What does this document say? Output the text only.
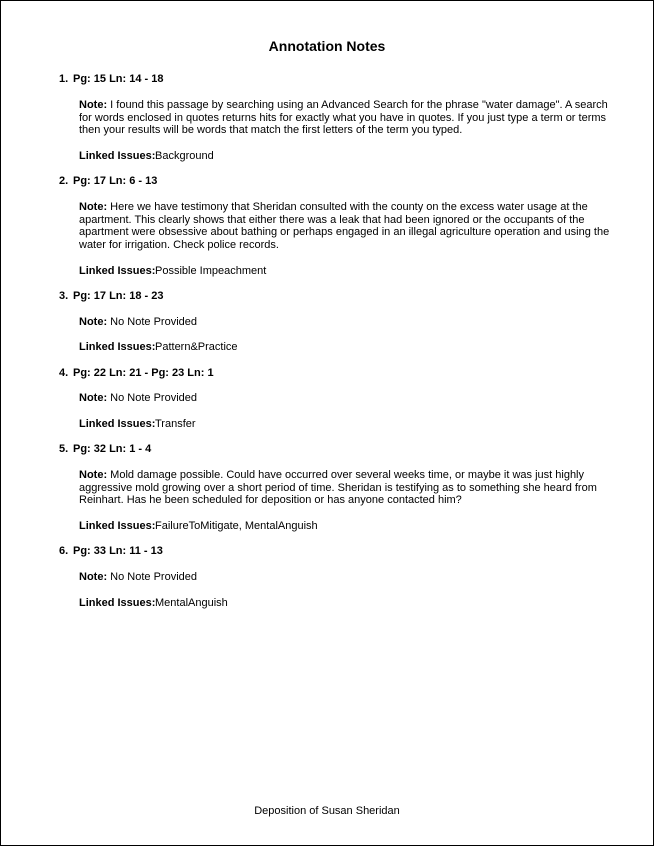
Annotation Notes
1. Pg: 15 Ln: 14 - 18
Note: I found this passage by searching using an Advanced Search for the phrase "water damage". A search for words enclosed in quotes returns hits for exactly what you have in quotes. If you just type a term or terms then your results will be words that match the first letters of the term you typed.
Linked Issues:Background
2. Pg: 17 Ln: 6 - 13
Note: Here we have testimony that Sheridan consulted with the county on the excess water usage at the apartment. This clearly shows that either there was a leak that had been ignored or the occupants of the apartment were obsessive about bathing or perhaps engaged in an illegal agriculture operation and using the water for irrigation. Check police records.
Linked Issues:Possible Impeachment
3. Pg: 17 Ln: 18 - 23
Note: No Note Provided
Linked Issues:Pattern&Practice
4. Pg: 22 Ln: 21 - Pg: 23 Ln: 1
Note: No Note Provided
Linked Issues:Transfer
5. Pg: 32 Ln: 1 - 4
Note: Mold damage possible. Could have occurred over several weeks time, or maybe it was just highly aggressive mold growing over a short period of time. Sheridan is testifying as to something she heard from Reinhart. Has he been scheduled for deposition or has anyone contacted him?
Linked Issues:FailureToMitigate, MentalAnguish
6. Pg: 33 Ln: 11 - 13
Note: No Note Provided
Linked Issues:MentalAnguish
Deposition of Susan Sheridan
